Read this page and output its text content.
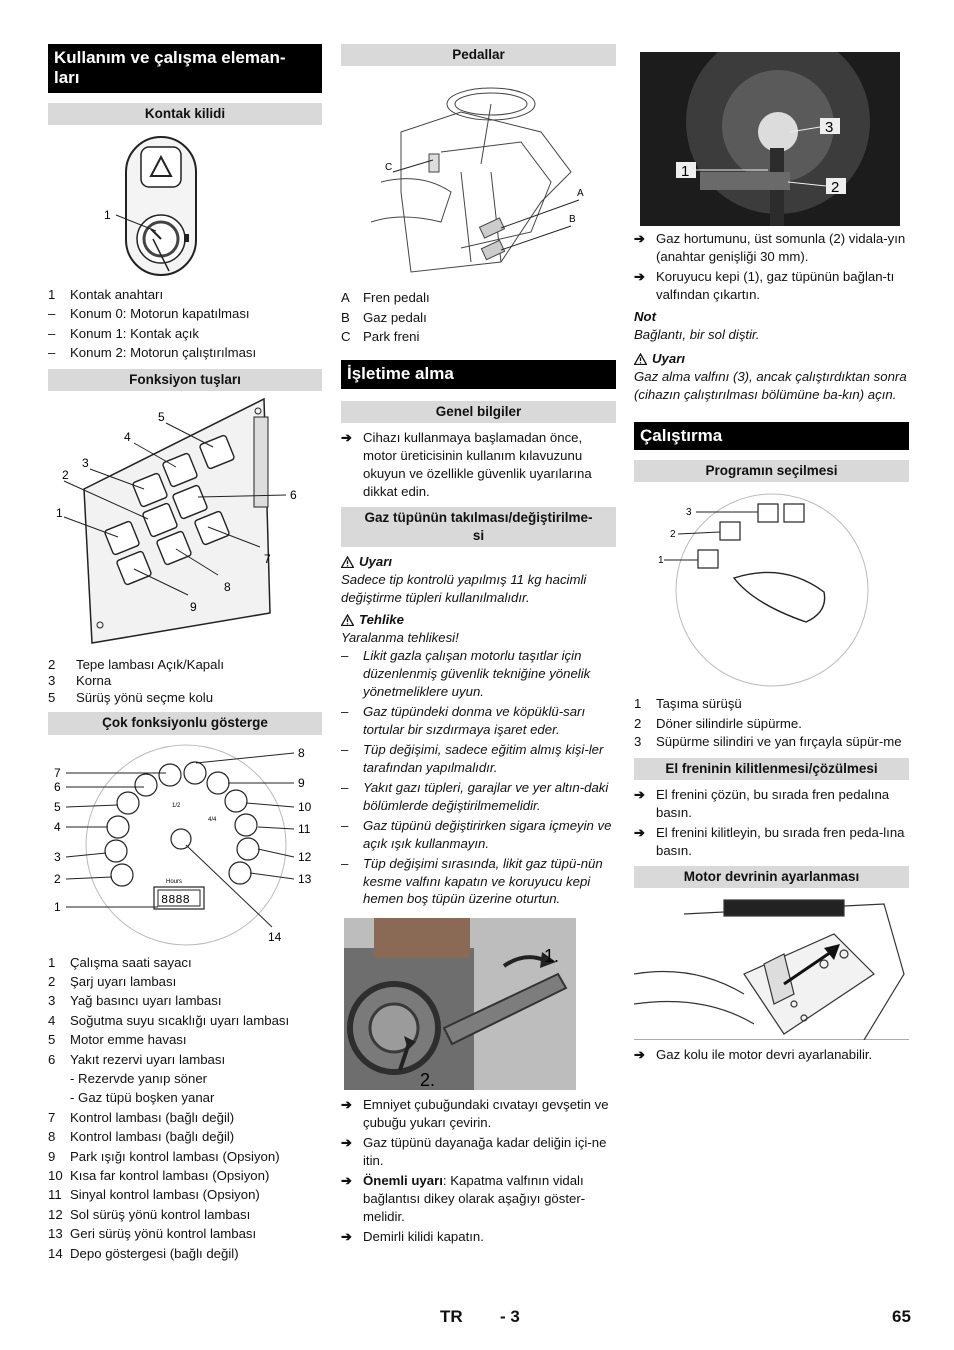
Kullanım ve çalışma eleman-
ları
Kontak kilidi
1
1	Kontak anahtarı
–	Konum 0: Motorun kapatılması
–	Konum 1: Kontak açık
–	Konum 2: Motorun çalıştırılması
Fonksiyon tuşları
5
4
3
2
1
6
7
8
9
2	Tepe lambası Açık/Kapalı
3	Korna
5	Sürüş yönü seçme kolu
Çok fonksiyonlu gösterge
Hours
8888
1/2
4/4
7
6
5
4
3
2
1
8
9
10
11
12
13
14
1	Çalışma saati sayacı
2	Şarj uyarı lambası
3	Yağ basıncı uyarı lambası
4	Soğutma suyu sıcaklığı uyarı lambası
5	Motor emme havası
6	Yakıt rezervi uyarı lambası
- Rezervde yanıp söner
- Gaz tüpü boşken yanar
7	Kontrol lambası (bağlı değil)
8	Kontrol lambası (bağlı değil)
9	Park ışığı kontrol lambası (Opsiyon)
10 Kısa far kontrol lambası (Opsiyon)
11 Sinyal kontrol lambası (Opsiyon)
12 Sol sürüş yönü kontrol lambası
13 Geri sürüş yönü kontrol lambası
14 Depo göstergesi (bağlı değil)
Pedallar
C
A
B
A	Fren pedalı
B	Gaz pedalı
C Park freni
İşletime alma
Genel bilgiler
➔ Cihazı kullanmaya başlamadan önce, motor üreticisinin kullanım kılavuzunu okuyun ve özellikle güvenlik uyarılarına dikkat edin.
Gaz tüpünün takılması/değiştirilme-
si
Uyarı
Sadece tip kontrolü yapılmış 11 kg hacimli değiştirme tüpleri kullanılmalıdır.
Tehlike
Yaralanma tehlikesi!
–	Likit gazla çalışan motorlu taşıtlar için düzenlenmiş güvenlik tekniğine yönelik yönetmeliklere uyun.
–	Gaz tüpündeki donma ve köpüklü-sarı tortular bir sızdırmaya işaret eder.
–	Tüp değişimi, sadece eğitim almış kişi-ler tarafından yapılmalıdır.
–	Yakıt gazı tüpleri, garajlar ve yer altın-daki bölümlerde değiştirilmemelidir.
–	Gaz tüpünü değiştirirken sigara içmeyin ve açık ışık kullanmayın.
–	Tüp değişimi sırasında, likit gaz tüpü-nün kesme valfını kapatın ve koruyucu kepi hemen boş tüpün üzerine oturtun.
1.
2.
➔ Emniyet çubuğundaki cıvatayı gevşetin ve çubuğu yukarı çevirin.
➔ Gaz tüpünü dayanağa kadar deliğin içi-ne itin.
➔ Önemli uyarı: Kapatma valfının vidalı bağlantısı dikey olarak aşağıyı göster-melidir.
➔ Demirli kilidi kapatın.
1
2
3
➔ Gaz hortumunu, üst somunla (2) vidala-yın (anahtar genişliği 30 mm).
➔ Koruyucu kepi (1), gaz tüpünün bağlan-tı valfından çıkartın.
Not
Bağlantı, bir sol diştir.
Uyarı
Gaz alma valfını (3), ancak çalıştırdıktan sonra (cihazın çalıştırılması bölümüne ba-kın) açın.
Çalıştırma
Programın seçilmesi
3
2
1
1	Taşıma sürüşü
2	Döner silindirle süpürme.
3	Süpürme silindiri ve yan fırçayla süpür-me
El freninin kilitlenmesi/çözülmesi
➔ El frenini çözün, bu sırada fren pedalına basın.
➔ El frenini kilitleyin, bu sırada fren peda-lına basın.
Motor devrinin ayarlanması
➔ Gaz kolu ile motor devri ayarlanabilir.
TR - 3	65
